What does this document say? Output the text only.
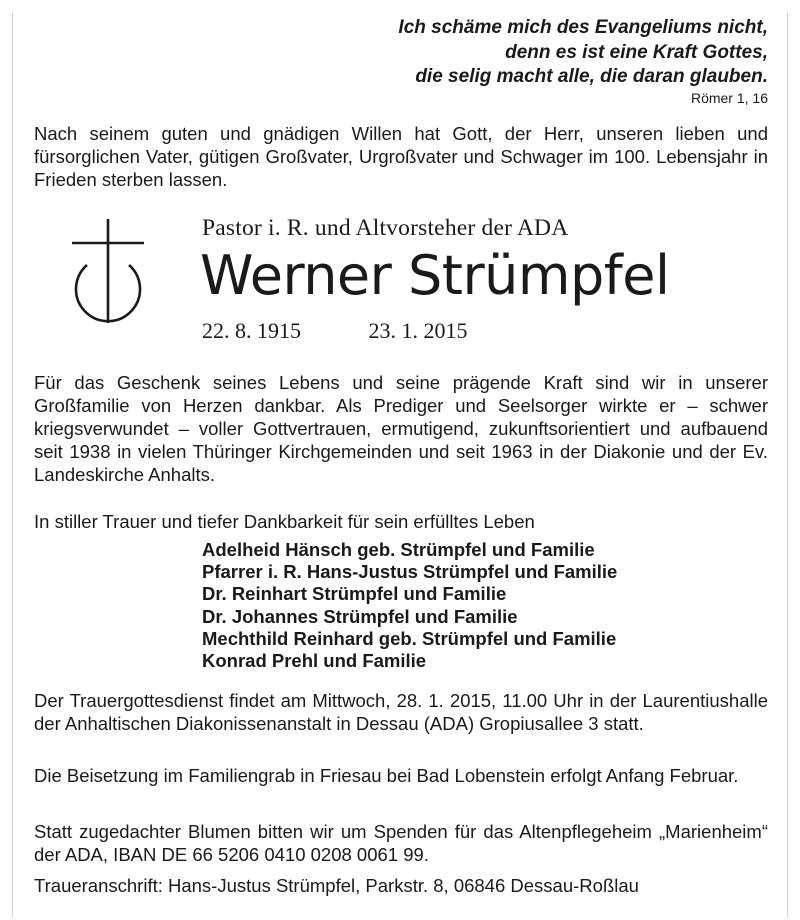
Ich schäme mich des Evangeliums nicht,
denn es ist eine Kraft Gottes,
die selig macht alle, die daran glauben.
Römer 1, 16
Nach seinem guten und gnädigen Willen hat Gott, der Herr, unseren lieben und fürsorglichen Vater, gütigen Großvater, Urgroßvater und Schwager im 100. Lebensjahr in Frieden sterben lassen.
Pastor i. R. und Altvorsteher der ADA
Werner Strümpfel
22. 8. 1915	23. 1. 2015
Für das Geschenk seines Lebens und seine prägende Kraft sind wir in unserer Großfamilie von Herzen dankbar. Als Prediger und Seelsorger wirkte er – schwer kriegsverwundet – voller Gottvertrauen, ermutigend, zukunftsorientiert und aufbauend seit 1938 in vielen Thüringer Kirchgemeinden und seit 1963 in der Diakonie und der Ev. Landeskirche Anhalts.
In stiller Trauer und tiefer Dankbarkeit für sein erfülltes Leben
Adelheid Hänsch geb. Strümpfel und Familie
Pfarrer i. R. Hans-Justus Strümpfel und Familie
Dr. Reinhart Strümpfel und Familie
Dr. Johannes Strümpfel und Familie
Mechthild Reinhard geb. Strümpfel und Familie
Konrad Prehl und Familie
Der Trauergottesdienst findet am Mittwoch, 28. 1. 2015, 11.00 Uhr in der Laurentiushalle der Anhaltischen Diakonissenanstalt in Dessau (ADA) Gropiusallee 3 statt.
Die Beisetzung im Familiengrab in Friesau bei Bad Lobenstein erfolgt Anfang Februar.
Statt zugedachter Blumen bitten wir um Spenden für das Altenpflegeheim „Marienheim“ der ADA, IBAN DE 66 5206 0410 0208 0061 99.
Traueranschrift: Hans-Justus Strümpfel, Parkstr. 8, 06846 Dessau-Roßlau
